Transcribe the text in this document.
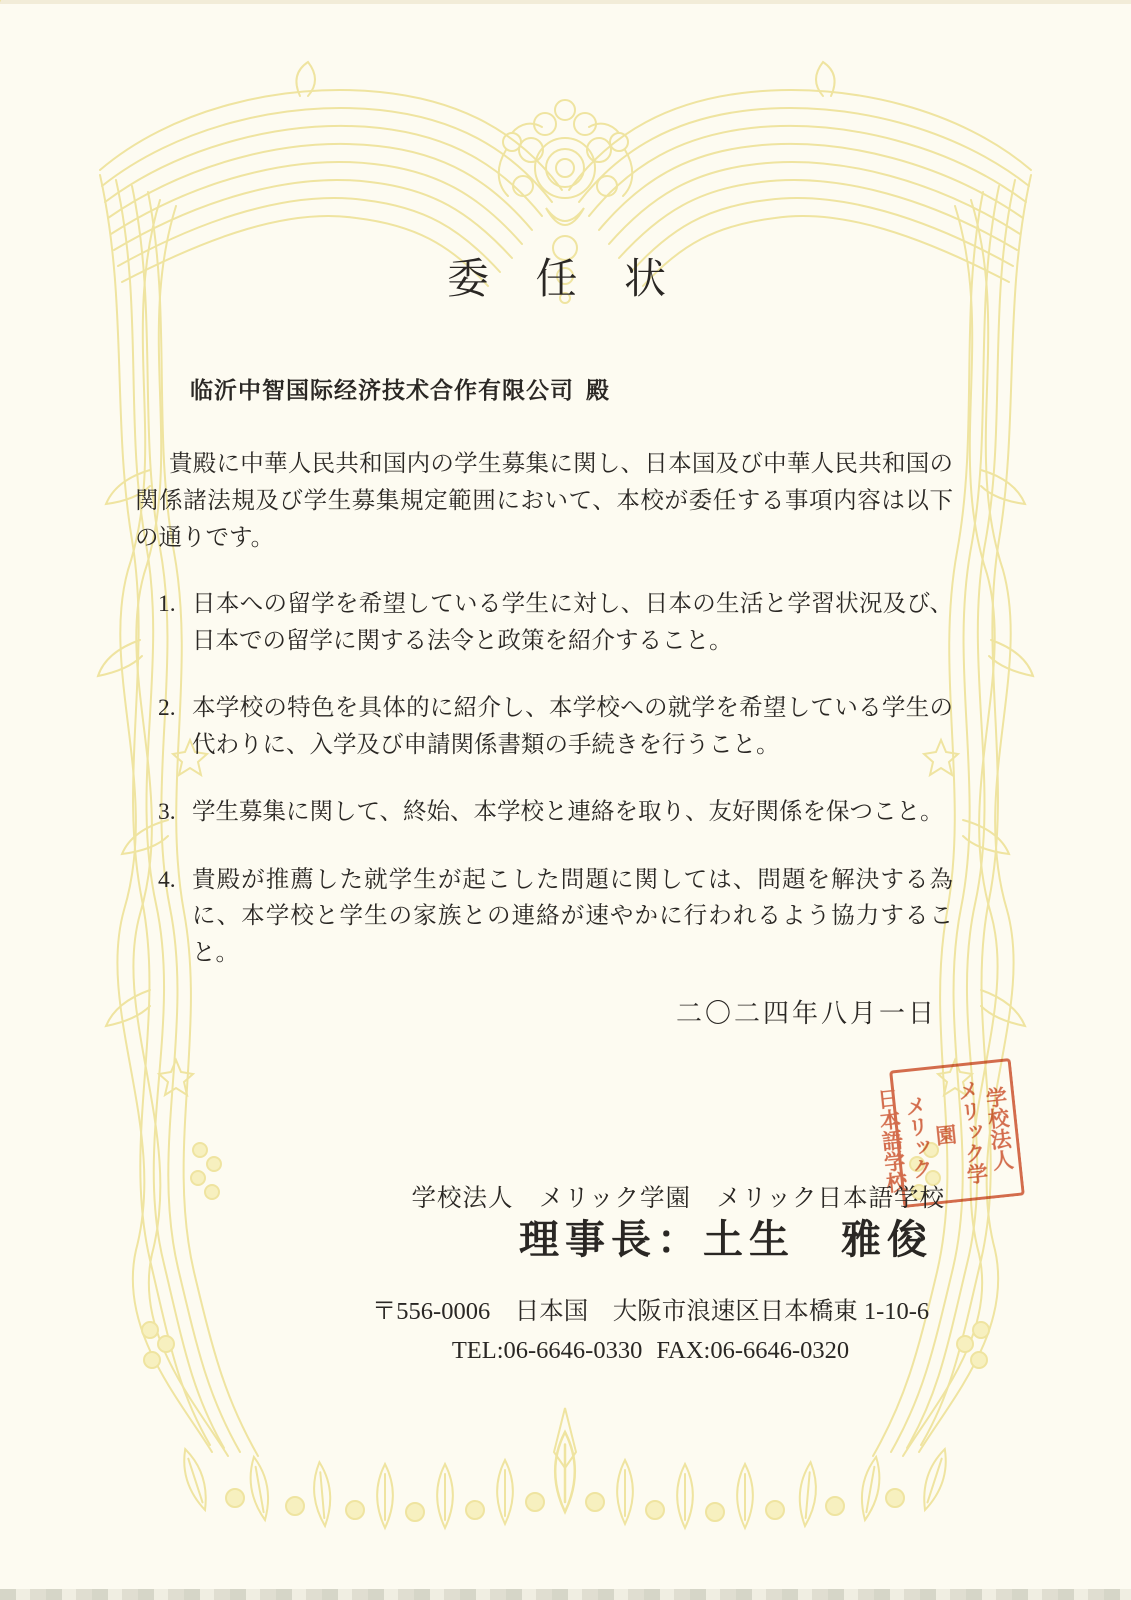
委 任 状
临沂中智国际经济技术合作有限公司 殿

貴殿に中華人民共和国内の学生募集に関し、日本国及び中華人民共和国の関係諸法規及び学生募集規定範囲において、本校が委任する事項内容は以下の通りです。

1. 日本への留学を希望している学生に対し、日本の生活と学習状況及び、日本での留学に関する法令と政策を紹介すること。
2. 本学校の特色を具体的に紹介し、本学校への就学を希望している学生の代わりに、入学及び申請関係書類の手続きを行うこと。
3. 学生募集に関して、終始、本学校と連絡を取り、友好関係を保つこと。
4. 貴殿が推薦した就学生が起こした問題に関しては、問題を解決する為に、本学校と学生の家族との連絡が速やかに行われるよう協力すること。
二〇二四年八月一日
学校法人
メリック学園
メリック
日本語学校
学校法人　メリック学園　メリック日本語学校
理事長：土生　雅俊
〒556-0006　日本国　大阪市浪速区日本橋東 1-10-6
TEL:06-6646-0330 FAX:06-6646-0320
